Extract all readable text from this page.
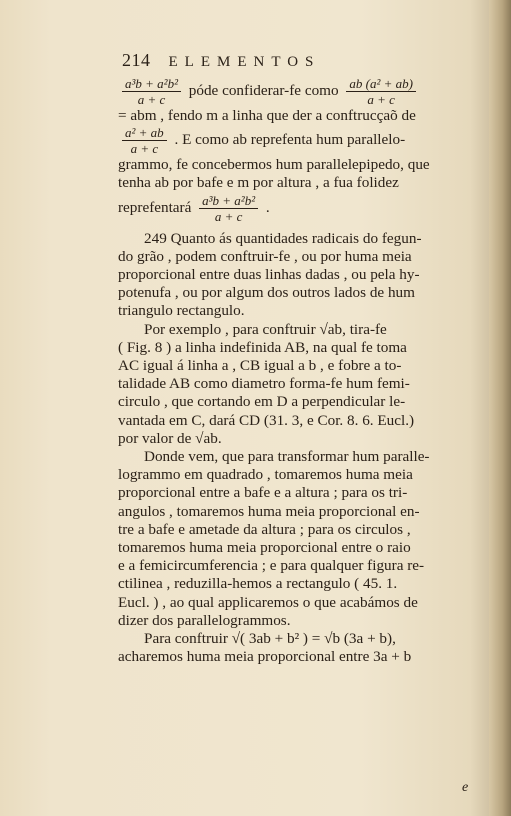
214 ELEMENTOS
$\frac{\text{a³b + a²b²}}{a + c}$ póde confiderar-fe como $\frac{\text{ab (a² + ab)}}{a + c}$
= abm , fendo m a linha que der a conftrucçaõ de
$\frac{\text{a² + ab}}{a + c}$ . E como ab reprefenta hum parallelo-
grammo, fe concebermos hum parallelepipedo, que
tenha ab por bafe e m por altura , a fua folidez
reprefentará $\frac{\text{a³b + a²b²}}{a + c}$ .
249 Quanto ás quantidades radicais do fegun-
do grão , podem conftruir-fe , ou por huma meia
proporcional entre duas linhas dadas , ou pela hy-
potenufa , ou por algum dos outros lados de hum
triangulo rectangulo.
Por exemplo , para conftruir √ab, tira-fe
( Fig. 8 ) a linha indefinida AB, na qual fe toma
AC igual á linha a , CB igual a b , e fobre a to-
talidade AB como diametro forma-fe hum femi-
circulo , que cortando em D a perpendicular le-
vantada em C, dará CD (31. 3, e Cor. 8. 6. Eucl.)
por valor de √ab.
Donde vem, que para transformar hum paralle-
logrammo em quadrado , tomaremos huma meia
proporcional entre a bafe e a altura ; para os tri-
angulos , tomaremos huma meia proporcional en-
tre a bafe e ametade da altura ; para os circulos ,
tomaremos huma meia proporcional entre o raio
e a femicircumferencia ; e para qualquer figura re-
ctilinea , reduzilla-hemos a rectangulo ( 45. 1.
Eucl. ) , ao qual applicaremos o que acabámos de
dizer dos parallelogrammos.
Para conftruir √( 3ab + b² ) = √b (3a + b),
acharemos huma meia proporcional entre 3a + b
e
